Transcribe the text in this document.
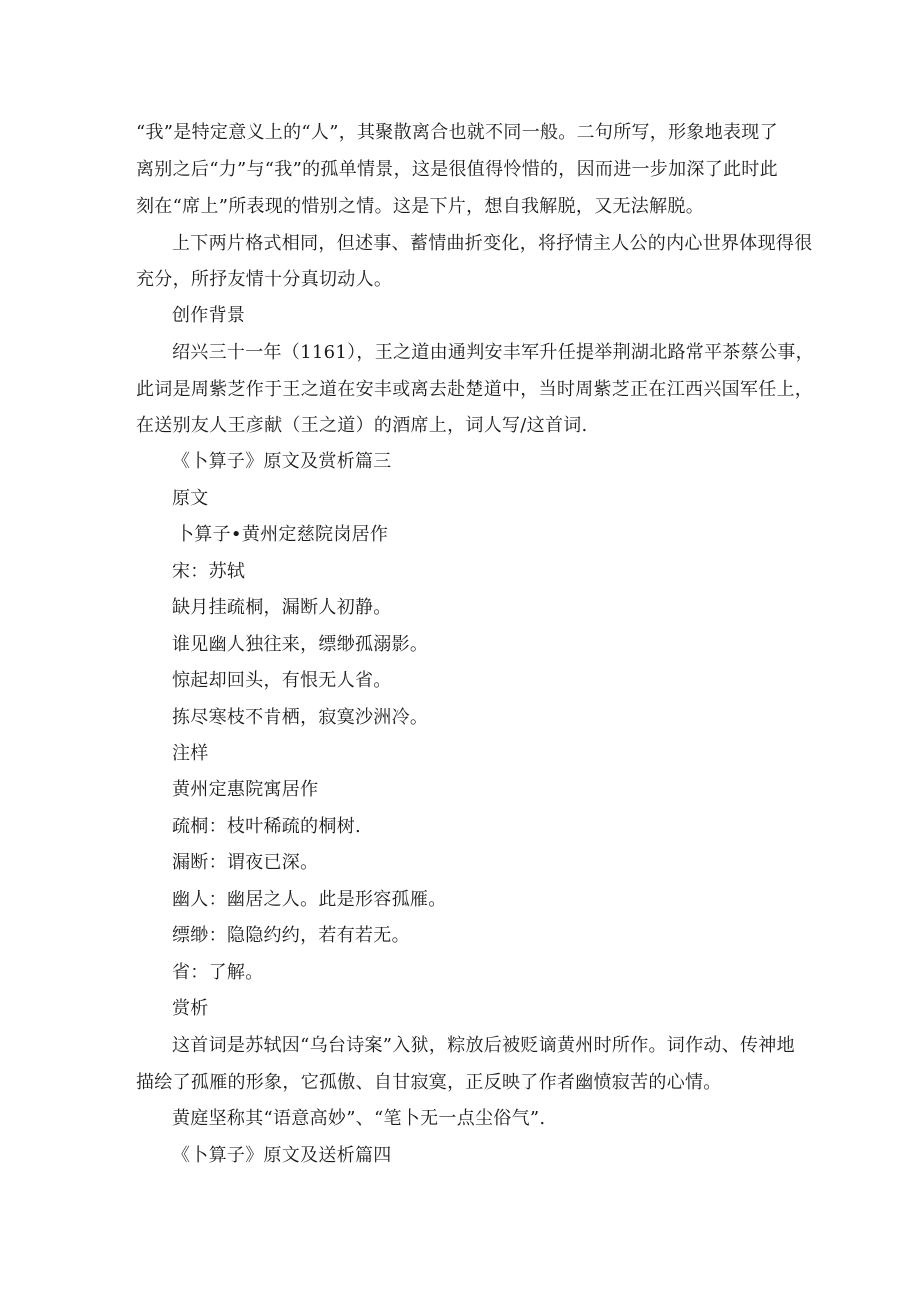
“我”是特定意义上的“人”，其聚散离合也就不同一般。二句所写，形象地表现了
离别之后“力”与“我”的孤单情景，这是很值得怜惜的，因而进一步加深了此时此
刻在“席上”所表现的惜别之情。这是下片，想自我解脱，又无法解脱。
上下两片格式相同，但述事、蓄情曲折变化，将抒情主人公的内心世界体现得很
充分，所抒友情十分真切动人。
创作背景
绍兴三十一年（1161），王之道由通判安丰军升任提举荆湖北路常平茶蔡公事，
此词是周紫芝作于王之道在安丰或离去赴楚道中，当时周紫芝正在江西兴国军任上，
在送别友人王彦献（王之道）的酒席上，词人写/这首词.
《卜算子》原文及赏析篇三
原文
卜算子•黄州定慈院岗居作
宋：苏轼
缺月挂疏桐，漏断人初静。
谁见幽人独往来，缥缈孤溺影。
惊起却回头，有恨无人省。
拣尽寒枝不肯栖，寂寞沙洲冷。
注样
黄州定惠院寓居作
疏桐：枝叶稀疏的桐树.
漏断：谓夜已深。
幽人：幽居之人。此是形容孤雁。
缥缈：隐隐约约，若有若无。
省：了解。
赏析
这首词是苏轼因“乌台诗案”入狱，粽放后被贬谪黄州时所作。词作动、传神地
描绘了孤雁的形象，它孤傲、自甘寂寞，正反映了作者幽愤寂苦的心情。
黄庭坚称其“语意高妙”、“笔卜无一点尘俗气”.
《卜算子》原文及送析篇四
